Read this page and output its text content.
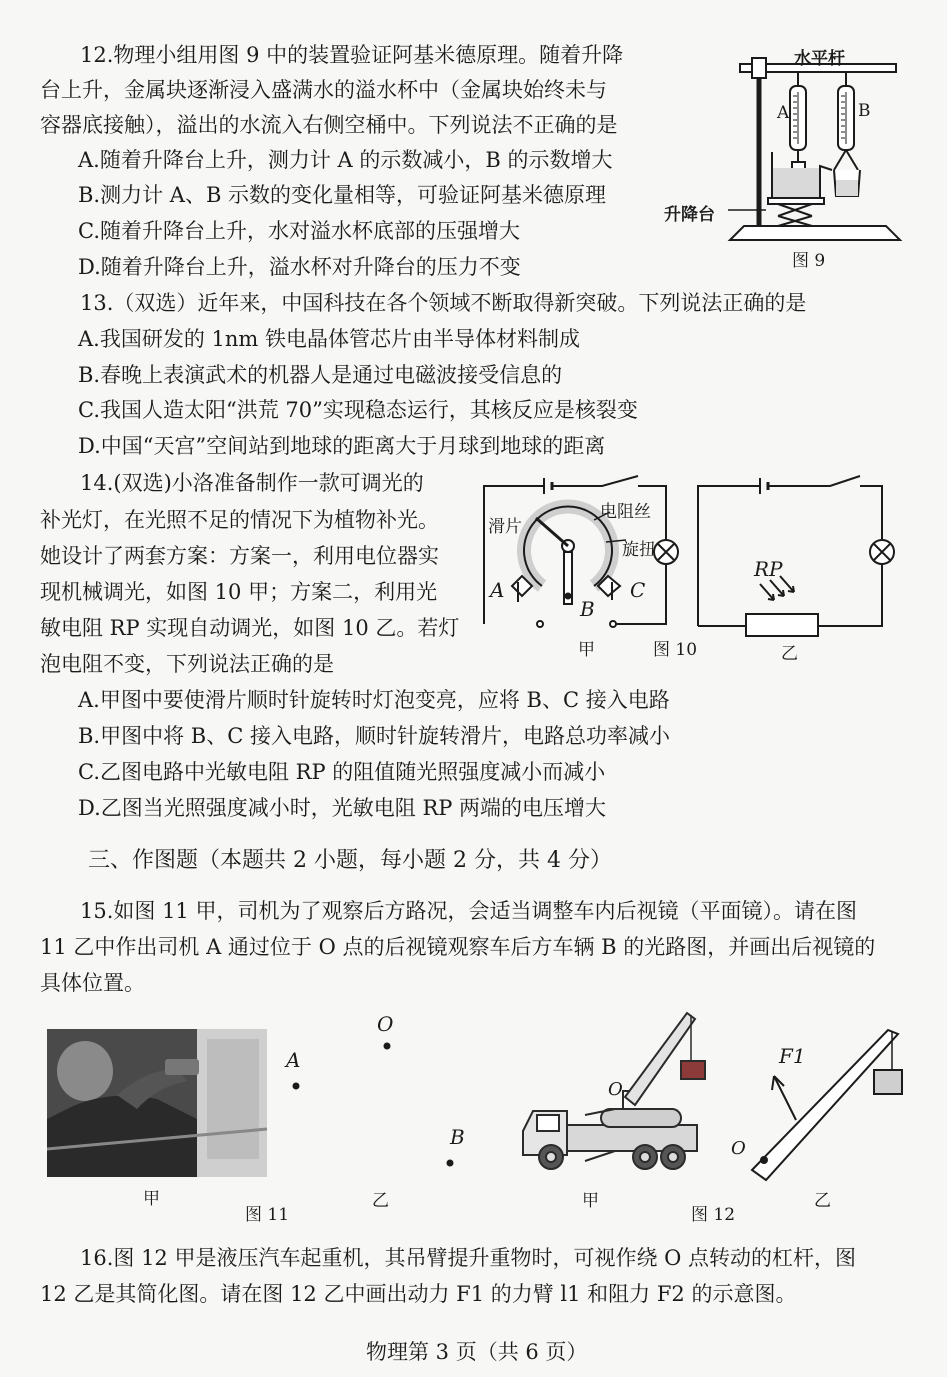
12.物理小组用图 9 中的装置验证阿基米德原理。随着升降
台上升，金属块逐渐浸入盛满水的溢水杯中（金属块始终未与
容器底接触），溢出的水流入右侧空桶中。下列说法不正确的是
A.随着升降台上升，测力计 A 的示数减小，B 的示数增大
B.测力计 A、B 示数的变化量相等，可验证阿基米德原理
C.随着升降台上升，水对溢水杯底部的压强增大
D.随着升降台上升，溢水杯对升降台的压力不变
水平杆
A	B
升降台
图 9
13.（双选）近年来，中国科技在各个领域不断取得新突破。下列说法正确的是
A.我国研发的 1nm 铁电晶体管芯片由半导体材料制成
B.春晚上表演武术的机器人是通过电磁波接受信息的
C.我国人造太阳“洪荒 70”实现稳态运行，其核反应是核裂变
D.中国“天宫”空间站到地球的距离大于月球到地球的距离
14.(双选)小洛准备制作一款可调光的
补光灯，在光照不足的情况下为植物补光。
她设计了两套方案：方案一，利用电位器实
现机械调光，如图 10 甲；方案二，利用光
敏电阻 RP 实现自动调光，如图 10 乙。若灯
泡电阻不变，下列说法正确的是
A.甲图中要使滑片顺时针旋转时灯泡变亮，应将 B、C 接入电路
B.甲图中将 B、C 接入电路，顺时针旋转滑片，电路总功率减小
C.乙图电路中光敏电阻 RP 的阻值随光照强度减小而减小
D.乙图当光照强度减小时，光敏电阻 RP 两端的电压增大
滑片
电阻丝
旋扭
A
B
C
甲	图 10
RP
乙
三、作图题（本题共 2 小题，每小题 2 分，共 4 分）
15.如图 11 甲，司机为了观察后方路况，会适当调整车内后视镜（平面镜）。请在图
11 乙中作出司机 A 通过位于 O 点的后视镜观察车后方车辆 B 的光路图，并画出后视镜的
具体位置。
甲
图 11
O
A
B
乙
O
甲
图 12
F1
O
乙
16.图 12 甲是液压汽车起重机，其吊臂提升重物时，可视作绕 O 点转动的杠杆，图
12 乙是其简化图。请在图 12 乙中画出动力 F1 的力臂 l1 和阻力 F2 的示意图。
物理第 3 页（共 6 页）
